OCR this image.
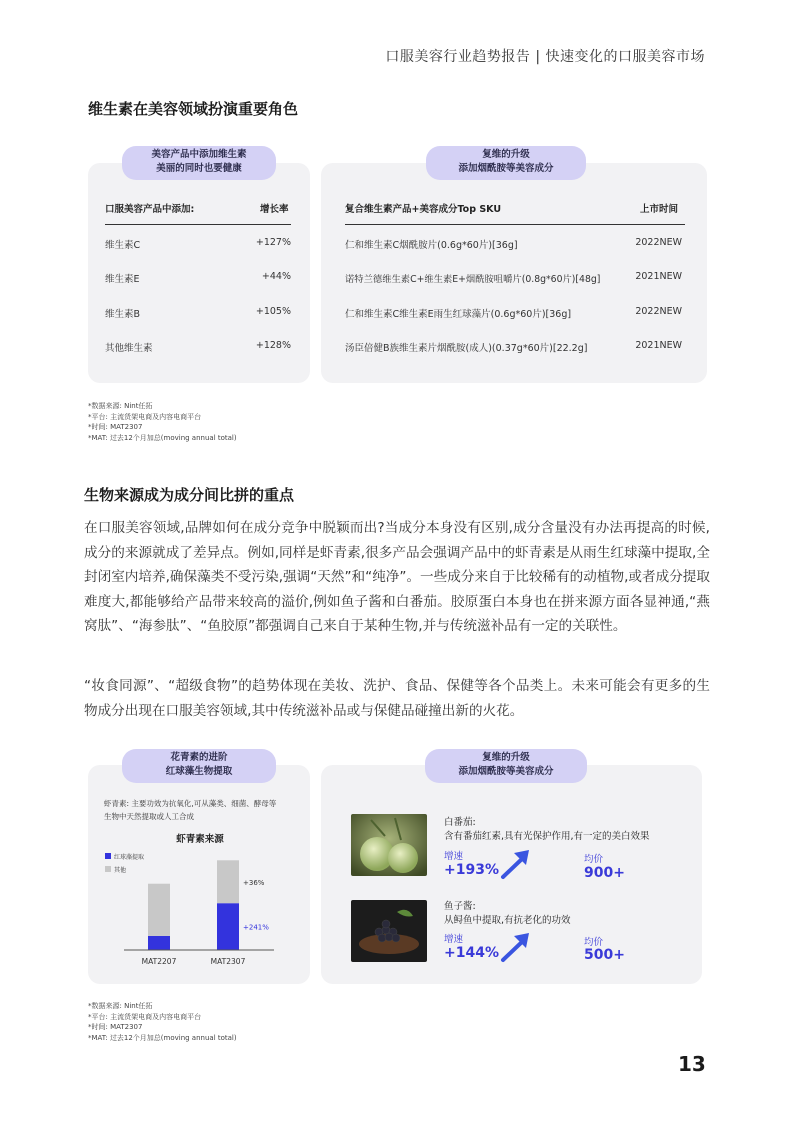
口服美容行业趋势报告 | 快速变化的口服美容市场
维生素在美容领域扮演重要角色
美容产品中添加维生素
美丽的同时也要健康
口服美容产品中添加:	增长率
维生素C	+127%
维生素E	+44%
维生素B	+105%
其他维生素	+128%
复维的升级
添加烟酰胺等美容成分
复合维生素产品+美容成分Top SKU	上市时间
仁和维生素C烟酰胺片(0.6g*60片)[36g]	2022NEW
诺特兰德维生素C+维生素E+烟酰胺咀嚼片(0.8g*60片)[48g]	2021NEW
仁和维生素C维生素E雨生红球藻片(0.6g*60片)[36g]	2022NEW
汤臣倍健B族维生素片烟酰胺(成人)(0.37g*60片)[22.2g]	2021NEW
*数据来源: Nint任拓
*平台: 主流货架电商及内容电商平台
*时间: MAT2307
*MAT: 过去12个月加总(moving annual total)
生物来源成为成分间比拼的重点
在口服美容领域,品牌如何在成分竞争中脱颖而出?当成分本身没有区别,成分含量没有办法再提高的时候,成分的来源就成了差异点。例如,同样是虾青素,很多产品会强调产品中的虾青素是从雨生红球藻中提取,全封闭室内培养,确保藻类不受污染,强调“天然”和“纯净”。一些成分来自于比较稀有的动植物,或者成分提取难度大,都能够给产品带来较高的溢价,例如鱼子酱和白番茄。胶原蛋白本身也在拼来源方面各显神通,“燕窝肽”、“海参肽”、“鱼胶原”都强调自己来自于某种生物,并与传统滋补品有一定的关联性。
“妆食同源”、“超级食物”的趋势体现在美妆、洗护、食品、保健等各个品类上。未来可能会有更多的生物成分出现在口服美容领域,其中传统滋补品或与保健品碰撞出新的火花。
花青素的进阶
红球藻生物提取
虾青素: 主要功效为抗氧化,可从藻类、细菌、酵母等
生物中天然提取或人工合成
虾青素来源
红球藻提取
其他
MAT2207	MAT2307
+36%
+241%
*数据来源: Nint任拓
*平台: 主流货架电商及内容电商平台
*时间: MAT2307
*MAT: 过去12个月加总(moving annual total)
复维的升级
添加烟酰胺等美容成分
白番茄:
含有番茄红素,具有光保护作用,有一定的美白效果
增速
+193%
均价
900+
鱼子酱:
从鲟鱼中提取,有抗老化的功效
增速
+144%
均价
500+
13
